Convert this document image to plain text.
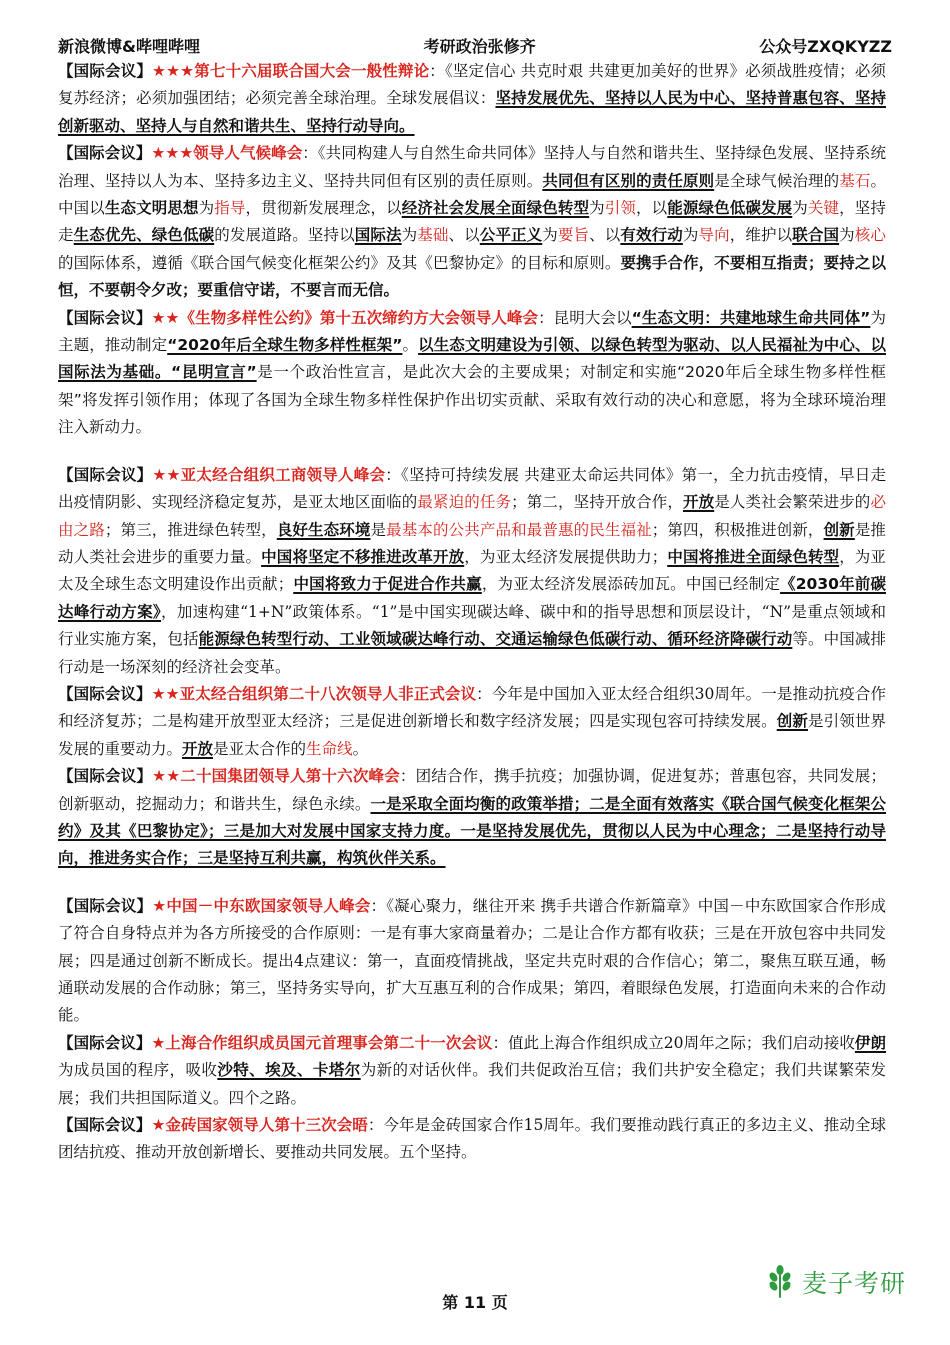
新浪微博&哔哩哔哩	考研政治张修齐	公众号ZXQKYZZ

【国际会议】★★★第七十六届联合国大会一般性辩论：《坚定信心 共克时艰 共建更加美好的世界》必须战胜疫情；必须复苏经济；必须加强团结；必须完善全球治理。全球发展倡议：坚持发展优先、坚持以人民为中心、坚持普惠包容、坚持创新驱动、坚持人与自然和谐共生、坚持行动导向。

【国际会议】★★★领导人气候峰会：《共同构建人与自然生命共同体》坚持人与自然和谐共生、坚持绿色发展、坚持系统治理、坚持以人为本、坚持多边主义、坚持共同但有区别的责任原则。共同但有区别的责任原则是全球气候治理的基石。中国以生态文明思想为指导，贯彻新发展理念，以经济社会发展全面绿色转型为引领，以能源绿色低碳发展为关键，坚持走生态优先、绿色低碳的发展道路。坚持以国际法为基础、以公平正义为要旨、以有效行动为导向，维护以联合国为核心的国际体系，遵循《联合国气候变化框架公约》及其《巴黎协定》的目标和原则。要携手合作，不要相互指责；要持之以恒，不要朝令夕改；要重信守诺，不要言而无信。

【国际会议】★★《生物多样性公约》第十五次缔约方大会领导人峰会：昆明大会以“生态文明：共建地球生命共同体”为主题，推动制定“2020年后全球生物多样性框架”。以生态文明建设为引领、以绿色转型为驱动、以人民福祉为中心、以国际法为基础。“昆明宣言”是一个政治性宣言，是此次大会的主要成果；对制定和实施“2020年后全球生物多样性框架”将发挥引领作用；体现了各国为全球生物多样性保护作出切实贡献、采取有效行动的决心和意愿，将为全球环境治理注入新动力。

【国际会议】★★亚太经合组织工商领导人峰会：《坚持可持续发展 共建亚太命运共同体》第一，全力抗击疫情，早日走出疫情阴影、实现经济稳定复苏，是亚太地区面临的最紧迫的任务；第二，坚持开放合作，开放是人类社会繁荣进步的必由之路；第三，推进绿色转型，良好生态环境是最基本的公共产品和最普惠的民生福祉；第四，积极推进创新，创新是推动人类社会进步的重要力量。中国将坚定不移推进改革开放，为亚太经济发展提供助力；中国将推进全面绿色转型，为亚太及全球生态文明建设作出贡献；中国将致力于促进合作共赢，为亚太经济发展添砖加瓦。中国已经制定《2030年前碳达峰行动方案》，加速构建“1+N”政策体系。“1”是中国实现碳达峰、碳中和的指导思想和顶层设计，“N”是重点领域和行业实施方案，包括能源绿色转型行动、工业领域碳达峰行动、交通运输绿色低碳行动、循环经济降碳行动等。中国减排行动是一场深刻的经济社会变革。

【国际会议】★★亚太经合组织第二十八次领导人非正式会议：今年是中国加入亚太经合组织30周年。一是推动抗疫合作和经济复苏；二是构建开放型亚太经济；三是促进创新增长和数字经济发展；四是实现包容可持续发展。创新是引领世界发展的重要动力。开放是亚太合作的生命线。

【国际会议】★★二十国集团领导人第十六次峰会：团结合作，携手抗疫；加强协调，促进复苏；普惠包容，共同发展；创新驱动，挖掘动力；和谐共生，绿色永续。一是采取全面均衡的政策举措；二是全面有效落实《联合国气候变化框架公约》及其《巴黎协定》；三是加大对发展中国家支持力度。一是坚持发展优先，贯彻以人民为中心理念；二是坚持行动导向，推进务实合作；三是坚持互利共赢，构筑伙伴关系。

【国际会议】★中国－中东欧国家领导人峰会：《凝心聚力，继往开来 携手共谱合作新篇章》中国－中东欧国家合作形成了符合自身特点并为各方所接受的合作原则：一是有事大家商量着办；二是让合作方都有收获；三是在开放包容中共同发展；四是通过创新不断成长。提出4点建议：第一，直面疫情挑战，坚定共克时艰的合作信心；第二，聚焦互联互通，畅通联动发展的合作动脉；第三，坚持务实导向，扩大互惠互利的合作成果；第四，着眼绿色发展，打造面向未来的合作动能。

【国际会议】★上海合作组织成员国元首理事会第二十一次会议：值此上海合作组织成立20周年之际；我们启动接收伊朗为成员国的程序，吸收沙特、埃及、卡塔尔为新的对话伙伴。我们共促政治互信；我们共护安全稳定；我们共谋繁荣发展；我们共担国际道义。四个之路。

【国际会议】★金砖国家领导人第十三次会晤：今年是金砖国家合作15周年。我们要推动践行真正的多边主义、推动全球团结抗疫、推动开放创新增长、要推动共同发展。五个坚持。

麦子考研
第 11 页
